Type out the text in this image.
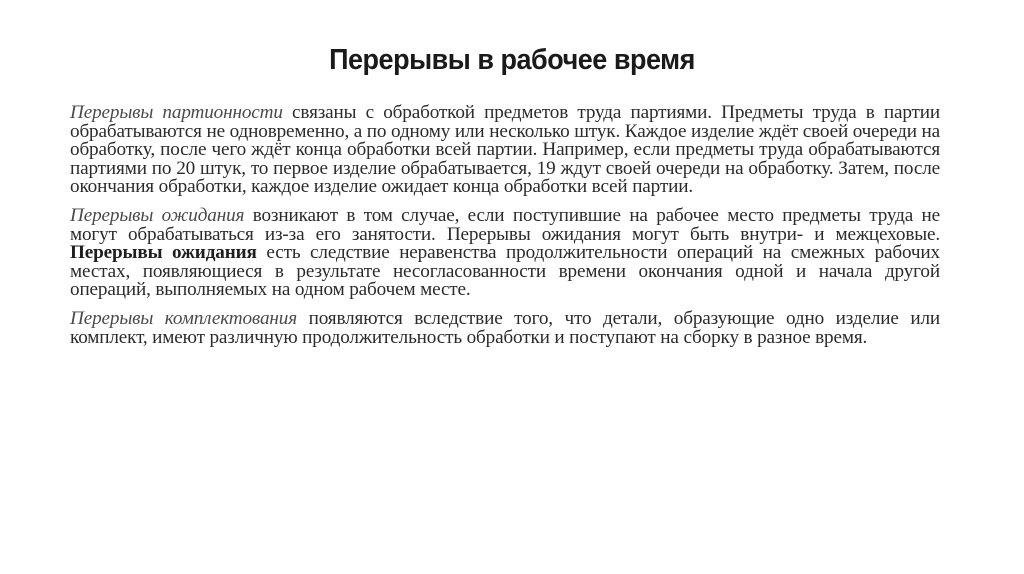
Перерывы в рабочее время

Перерывы партионности связаны с обработкой предметов труда партиями. Предметы труда в партии обрабатываются не одновременно, а по одному или несколько штук. Каждое изделие ждёт своей очереди на обработку, после чего ждёт конца обработки всей партии. Например, если предметы труда обрабатываются партиями по 20 штук, то первое изделие обрабатывается, 19 ждут своей очереди на обработку. Затем, после окончания обработки, каждое изделие ожидает конца обработки всей партии.

Перерывы ожидания возникают в том случае, если поступившие на рабочее место предметы труда не могут обрабатываться из-за его занятости. Перерывы ожидания могут быть внутри- и межцеховые. Перерывы ожидания есть следствие неравенства продолжительности операций на смежных рабочих местах, появляющиеся в результате несогласованности времени окончания одной и начала другой операций, выполняемых на одном рабочем месте.

Перерывы комплектования появляются вследствие того, что детали, образующие одно изделие или комплект, имеют различную продолжительность обработки и поступают на сборку в разное время.
